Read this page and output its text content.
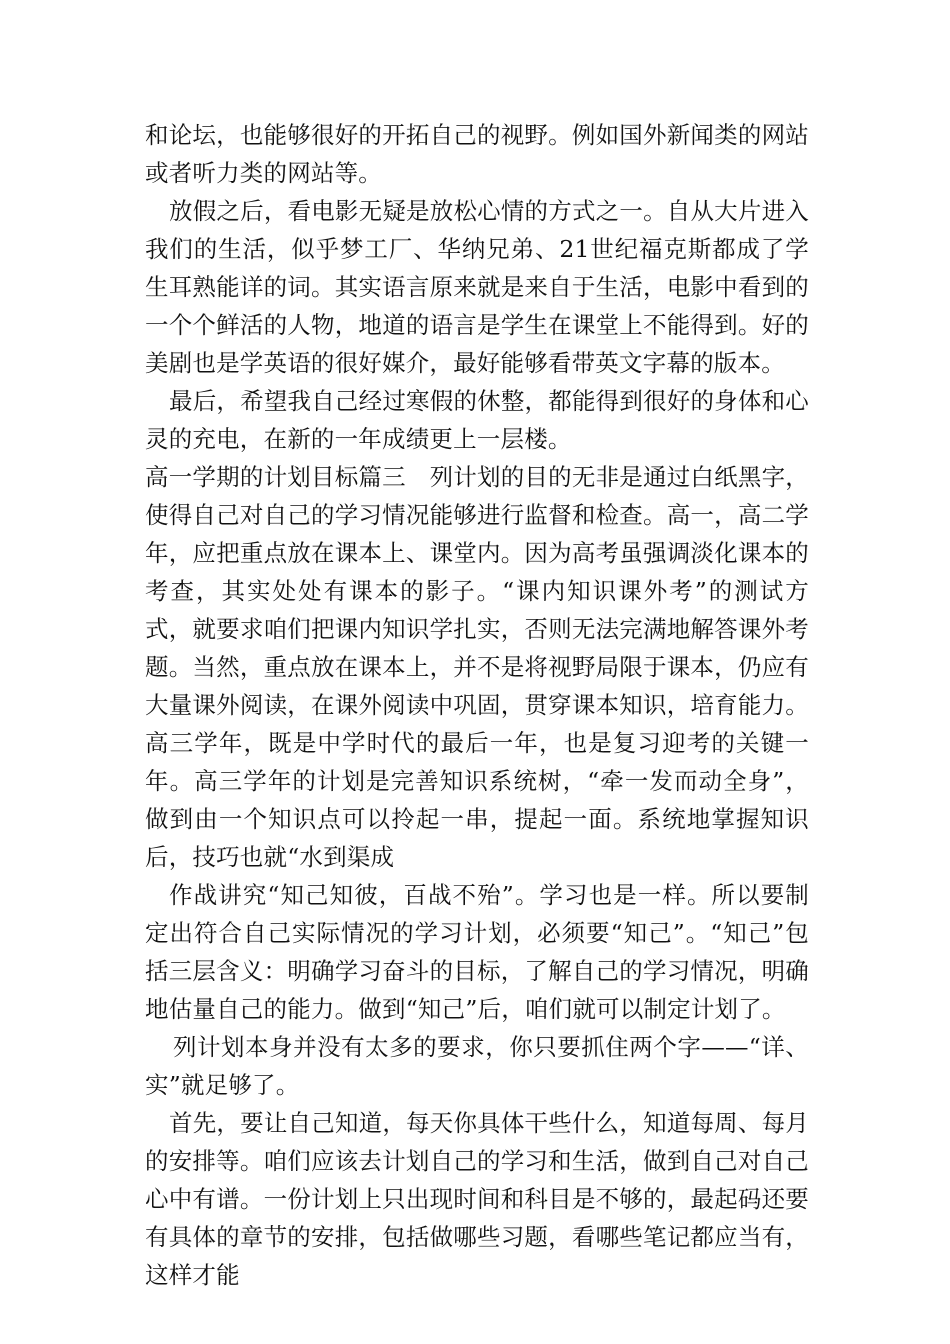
和论坛，也能够很好的开拓自己的视野。例如国外新闻类的网站或者听力类的网站等。

放假之后，看电影无疑是放松心情的方式之一。自从大片进入我们的生活，似乎梦工厂、华纳兄弟、21世纪福克斯都成了学生耳熟能详的词。其实语言原来就是来自于生活，电影中看到的一个个鲜活的人物，地道的语言是学生在课堂上不能得到。好的美剧也是学英语的很好媒介，最好能够看带英文字幕的版本。

最后，希望我自己经过寒假的休整，都能得到很好的身体和心灵的充电，在新的一年成绩更上一层楼。

高一学期的计划目标篇三　列计划的目的无非是通过白纸黑字，使得自己对自己的学习情况能够进行监督和检查。高一，高二学年，应把重点放在课本上、课堂内。因为高考虽强调淡化课本的考查，其实处处有课本的影子。“课内知识课外考”的测试方式，就要求咱们把课内知识学扎实，否则无法完满地解答课外考题。当然，重点放在课本上，并不是将视野局限于课本，仍应有大量课外阅读，在课外阅读中巩固，贯穿课本知识，培育能力。高三学年，既是中学时代的最后一年，也是复习迎考的关键一年。高三学年的计划是完善知识系统树，“牵一发而动全身”，做到由一个知识点可以拎起一串，提起一面。系统地掌握知识后，技巧也就“水到渠成

作战讲究“知己知彼，百战不殆”。学习也是一样。所以要制定出符合自己实际情况的学习计划，必须要“知己”。“知己”包括三层含义：明确学习奋斗的目标，了解自己的学习情况，明确地估量自己的能力。做到“知己”后，咱们就可以制定计划了。

列计划本身并没有太多的要求，你只要抓住两个字——“详、实”就足够了。

首先，要让自己知道，每天你具体干些什么，知道每周、每月的安排等。咱们应该去计划自己的学习和生活，做到自己对自己心中有谱。一份计划上只出现时间和科目是不够的，最起码还要有具体的章节的安排，包括做哪些习题，看哪些笔记都应当有，这样才能
